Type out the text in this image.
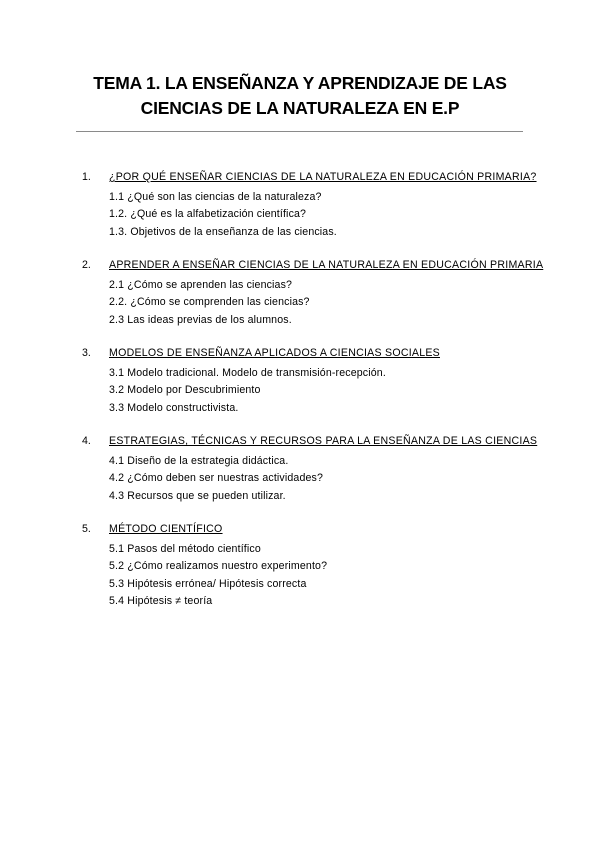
TEMA 1. LA ENSEÑANZA Y APRENDIZAJE DE LAS
CIENCIAS DE LA NATURALEZA EN E.P
1.	¿POR QUÉ ENSEÑAR CIENCIAS DE LA NATURALEZA EN EDUCACIÓN PRIMARIA?
1.1 ¿Qué son las ciencias de la naturaleza?
1.2. ¿Qué es la alfabetización científica?
1.3. Objetivos de la enseñanza de las ciencias.
2.	APRENDER A ENSEÑAR CIENCIAS DE LA NATURALEZA EN EDUCACIÓN PRIMARIA
2.1 ¿Cómo se aprenden las ciencias?
2.2. ¿Cómo se comprenden las ciencias?
2.3 Las ideas previas de los alumnos.
3.	MODELOS DE ENSEÑANZA APLICADOS A CIENCIAS SOCIALES
3.1 Modelo tradicional. Modelo de transmisión-recepción.
3.2 Modelo por Descubrimiento
3.3 Modelo constructivista.
4.	ESTRATEGIAS, TÉCNICAS Y RECURSOS PARA LA ENSEÑANZA DE LAS CIENCIAS
4.1 Diseño de la estrategia didáctica.
4.2 ¿Cómo deben ser nuestras actividades?
4.3 Recursos que se pueden utilizar.
5.	MÉTODO CIENTÍFICO
5.1 Pasos del método científico
5.2 ¿Cómo realizamos nuestro experimento?
5.3 Hipótesis errónea/ Hipótesis correcta
5.4 Hipótesis ≠ teoría
